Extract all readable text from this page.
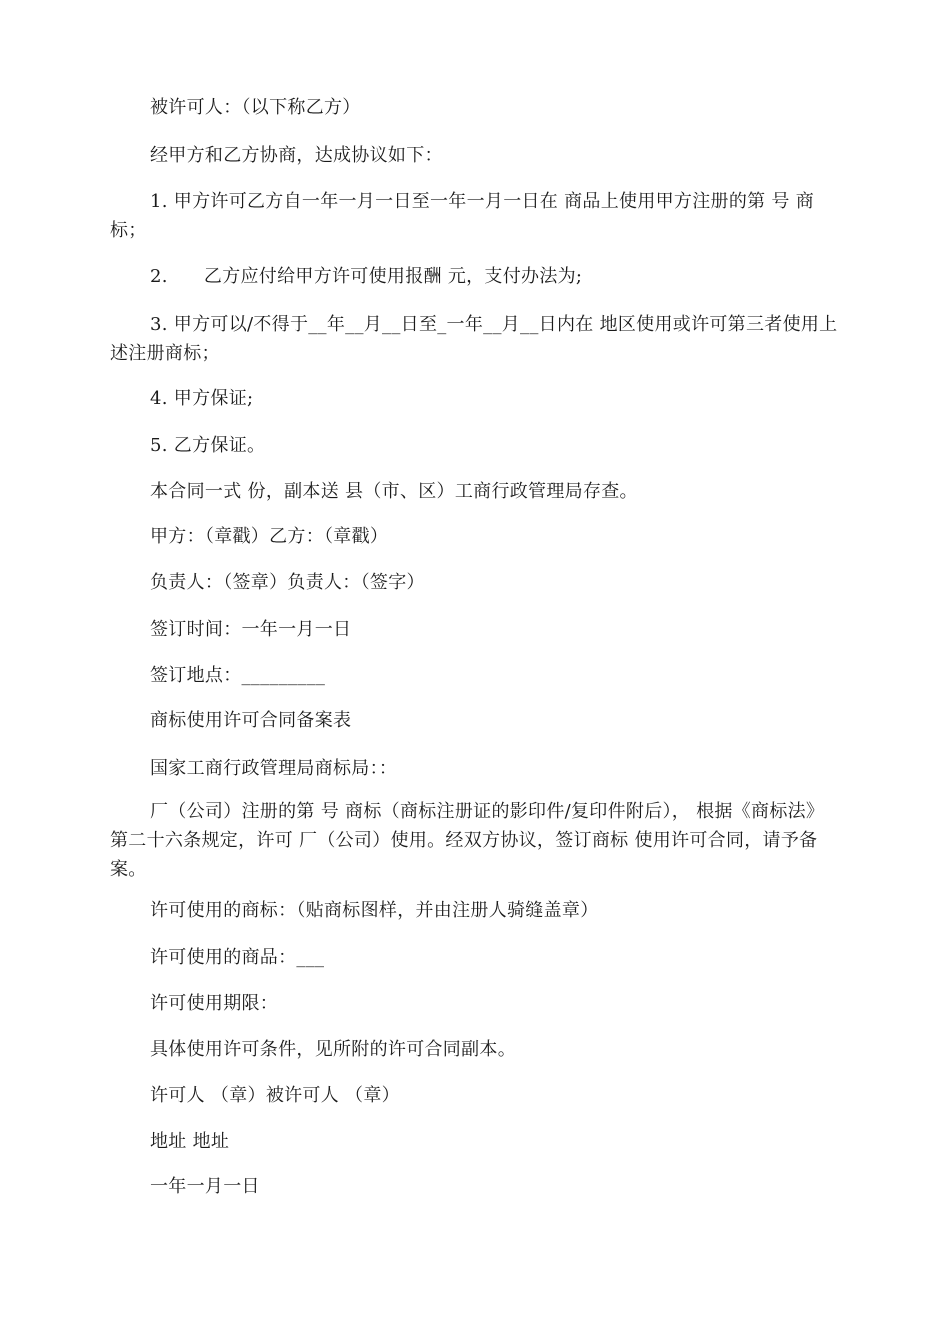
被许可人：（以下称乙方）

经甲方和乙方协商，达成协议如下：

1. 甲方许可乙方自一年一月一日至一年一月一日在 商品上使用甲方注册的第 号 商标；

2.      乙方应付给甲方许可使用报酬 元，支付办法为;

3. 甲方可以/不得于__年__月__日至_一年__月__日内在 地区使用或许可第三者使用上述注册商标；

4. 甲方保证;

5. 乙方保证。

本合同一式 份，副本送 县（市、区）工商行政管理局存查。

甲方：（章戳）乙方：（章戳）

负责人：（签章）负责人：（签字）

签订时间：一年一月一日

签订地点：_________

商标使用许可合同备案表

国家工商行政管理局商标局：：

厂（公司）注册的第 号 商标（商标注册证的影印件/复印件附后）， 根据《商标法》第二十六条规定，许可 厂（公司）使用。经双方协议，签订商标 使用许可合同，请予备案。

许可使用的商标：（贴商标图样，并由注册人骑缝盖章）

许可使用的商品：___

许可使用期限：

具体使用许可条件，见所附的许可合同副本。

许可人 （章）被许可人 （章）

地址 地址

一年一月一日
